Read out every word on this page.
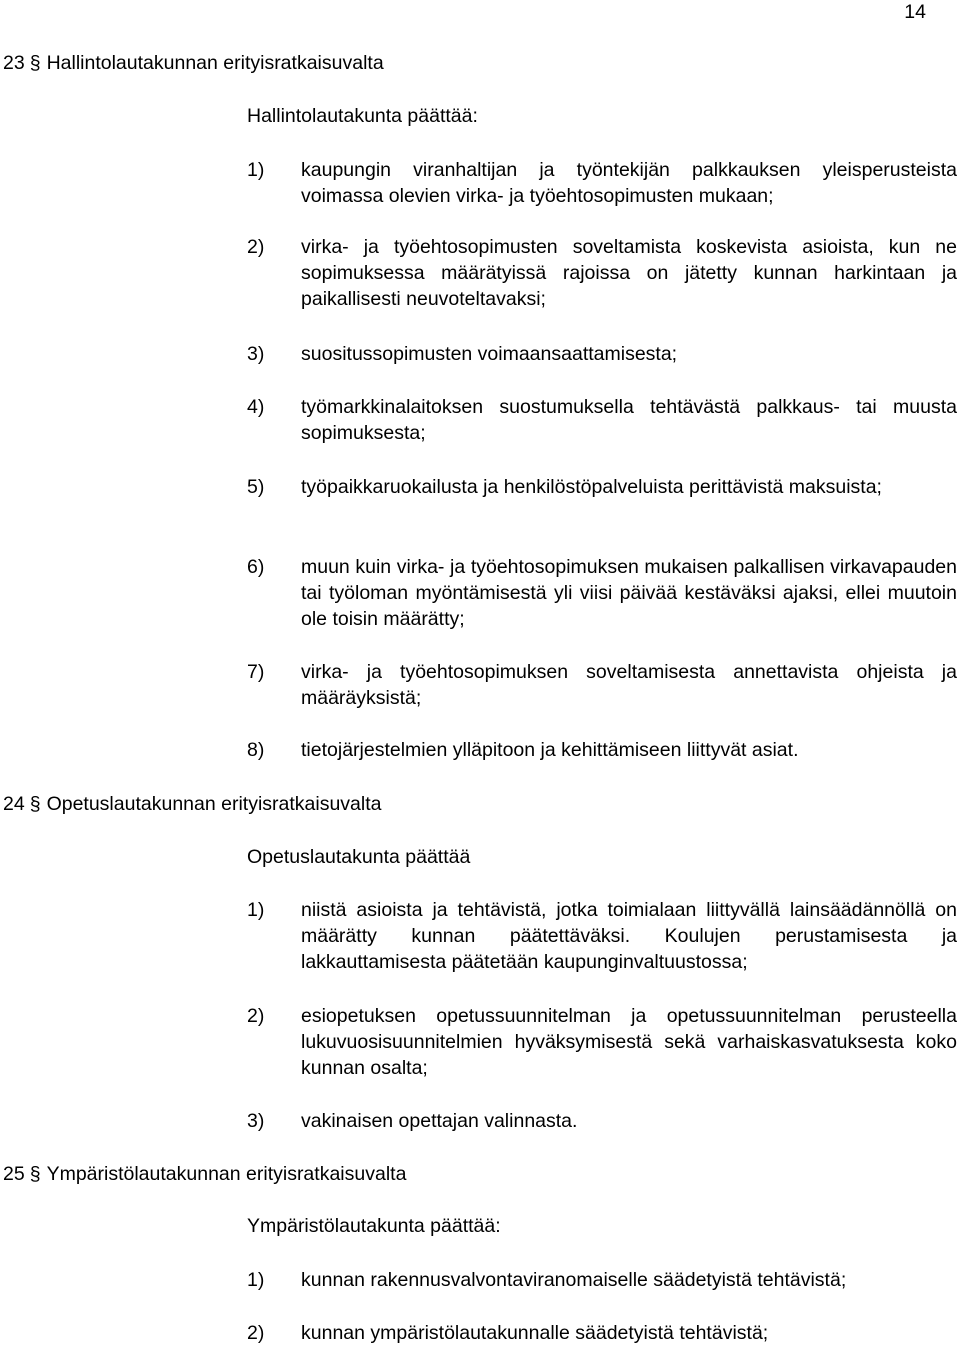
14
23 § Hallintolautakunnan erityisratkaisuvalta
Hallintolautakunta päättää:
1) kaupungin viranhaltijan ja työntekijän palkkauksen yleisperusteista voimassa olevien virka- ja työehtosopimusten mukaan;
2) virka- ja työehtosopimusten soveltamista koskevista asioista, kun ne sopimuksessa määrätyissä rajoissa on jätetty kunnan harkintaan ja paikallisesti neuvoteltavaksi;
3) suositussopimusten voimaansaattamisesta;
4) työmarkkinalaitoksen suostumuksella tehtävästä palkkaus- tai muusta sopimuksesta;
5) työpaikkaruokailusta ja henkilöstöpalveluista perittävistä maksuista;
6) muun kuin virka- ja työehtosopimuksen mukaisen palkallisen virkavapauden tai työloman myöntämisestä yli viisi päivää kestäväksi ajaksi, ellei muutoin ole toisin määrätty;
7) virka- ja työehtosopimuksen soveltamisesta annettavista ohjeista ja määräyksistä;
8) tietojärjestelmien ylläpitoon ja kehittämiseen liittyvät asiat.
24 § Opetuslautakunnan erityisratkaisuvalta
Opetuslautakunta päättää
1) niistä asioista ja tehtävistä, jotka toimialaan liittyvällä lainsäädännöllä on määrätty kunnan päätettäväksi. Koulujen perustamisesta ja lakkauttamisesta päätetään kaupunginvaltuustossa;
2) esiopetuksen opetussuunnitelman ja opetussuunnitelman perusteella lukuvuosisuunnitelmien hyväksymisestä sekä varhaiskasvatuksesta koko kunnan osalta;
3) vakinaisen opettajan valinnasta.
25 § Ympäristölautakunnan erityisratkaisuvalta
Ympäristölautakunta päättää:
1) kunnan rakennusvalvontaviranomaiselle säädetyistä tehtävistä;
2) kunnan ympäristölautakunnalle säädetyistä tehtävistä;
